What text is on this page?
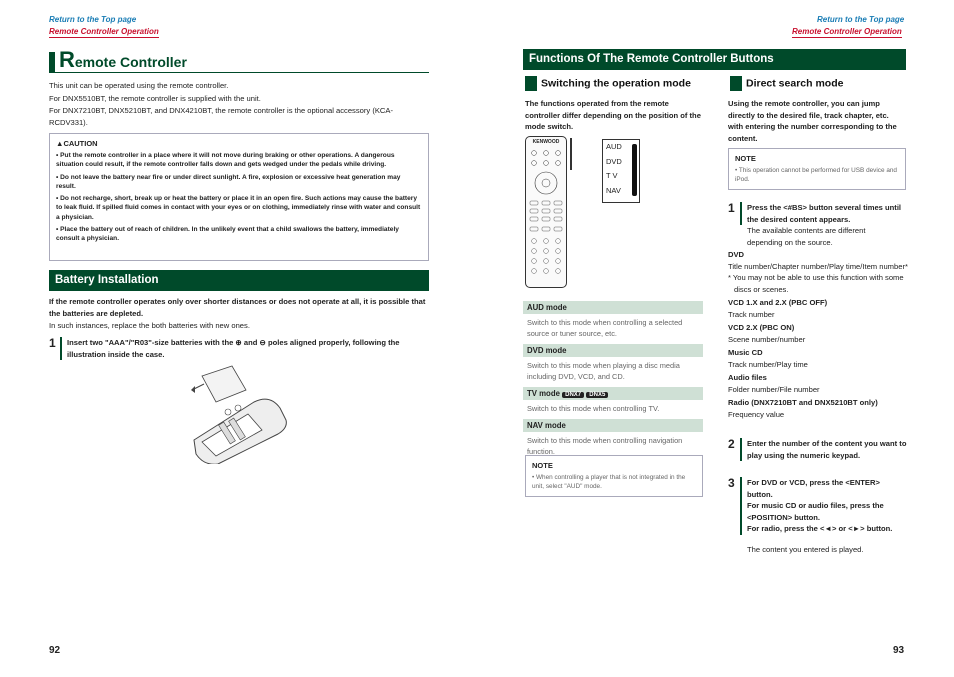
Return to the Top page
Remote Controller Operation
Remote Controller
This unit can be operated using the remote controller.
For DNX5510BT, the remote controller is supplied with the unit.
For DNX7210BT, DNX5210BT, and DNX4210BT, the remote controller is the optional accessory (KCA-RCDV331).
▲CAUTION
• Put the remote controller in a place where it will not move during braking or other operations. A dangerous situation could result, if the remote controller falls down and gets wedged under the pedals while driving.
• Do not leave the battery near fire or under direct sunlight. A fire, explosion or excessive heat generation may result.
• Do not recharge, short, break up or heat the battery or place it in an open fire. Such actions may cause the battery to leak fluid. If spilled fluid comes in contact with your eyes or on clothing, immediately rinse with water and consult a physician.
• Place the battery out of reach of children. In the unlikely event that a child swallows the battery, immediately consult a physician.
Battery Installation
If the remote controller operates only over shorter distances or does not operate at all, it is possible that the batteries are depleted.
In such instances, replace the both batteries with new ones.
1	Insert two "AAA"/"R03"-size batteries with the ⊕ and ⊖ poles aligned properly, following the illustration inside the case.
92
Return to the Top page
Remote Controller Operation
Functions Of The Remote Controller Buttons
Switching the operation mode
The functions operated from the remote controller differ depending on the position of the mode switch.
KENWOOD	AUD
DVD
T V
NAV
AUD mode
Switch to this mode when controlling a selected source or tuner source, etc.
DVD mode
Switch to this mode when playing a disc media including DVD, VCD, and CD.
TV mode DNX7 DNX5
Switch to this mode when controlling TV.
NAV mode
Switch to this mode when controlling navigation function.
NOTE
• When controlling a player that is not integrated in the unit, select "AUD" mode.
Direct search mode
Using the remote controller, you can jump directly to the desired file, track chapter, etc. with entering the number corresponding to the content.
NOTE
• This operation cannot be performed for USB device and iPod.
1	Press the <#BS> button several times until the desired content appears.
The available contents are different depending on the source.
DVD
Title number/Chapter number/Play time/Item number*
* You may not be able to use this function with some discs or scenes.
VCD 1.X and 2.X (PBC OFF)
Track number
VCD 2.X (PBC ON)
Scene number/number
Music CD
Track number/Play time
Audio files
Folder number/File number
Radio (DNX7210BT and DNX5210BT only)
Frequency value
2	Enter the number of the content you want to play using the numeric keypad.
3 For DVD or VCD, press the <ENTER> button.
For music CD or audio files, press the <POSITION> button.
For radio, press the <◄> or <►> button.
The content you entered is played.
93
